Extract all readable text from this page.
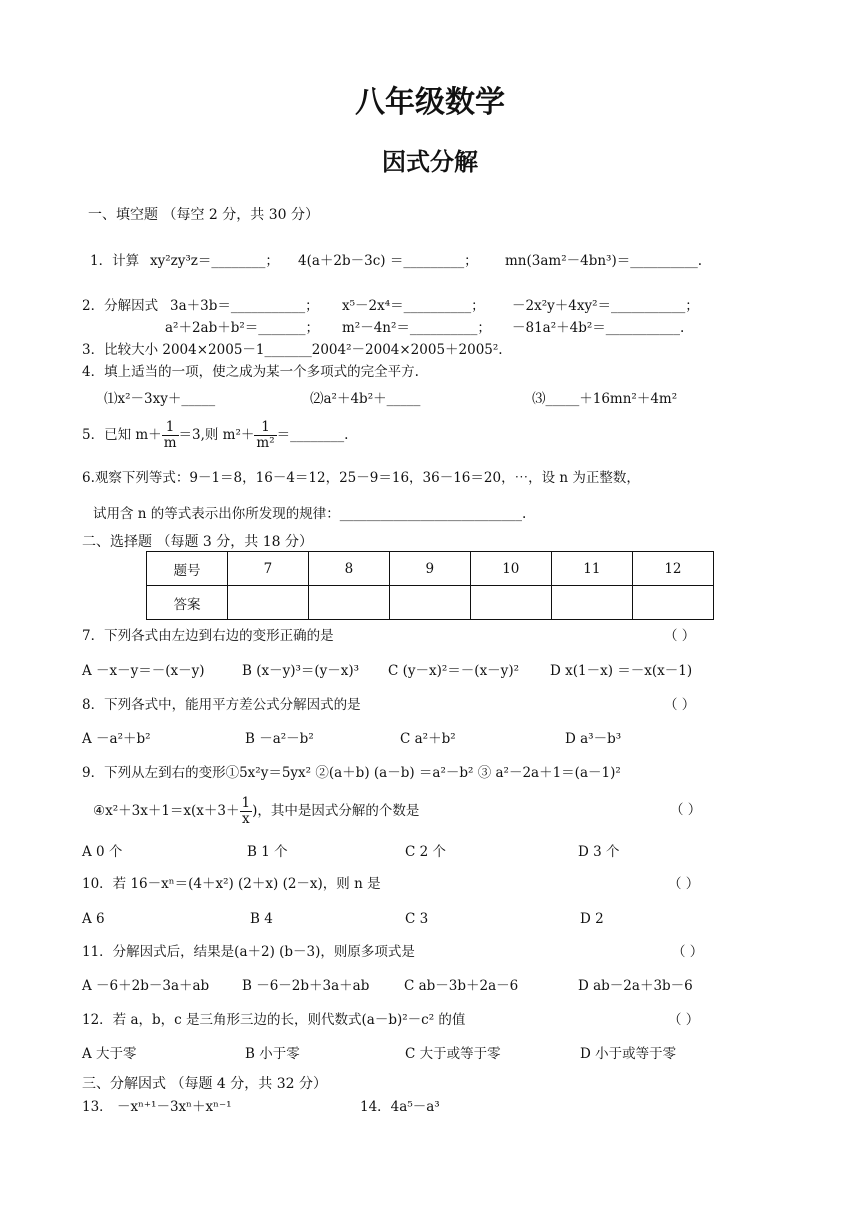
八年级数学
因式分解
一、填空题 （每空 2 分，共 30 分）
1．计算 xy²zy³z＝________； 4(a＋2b－3c) ＝_________； mn(3am²－4bn³)＝__________.
2．分解因式 3a＋3b＝___________； x⁵－2x⁴＝__________； －2x²y＋4xy²＝___________；
a²＋2ab＋b²＝_______； m²－4n²＝__________； －81a²＋4b²＝___________.
3．比较大小 2004×2005－1_______2004²－2004×2005＋2005².
4．填上适当的一项，使之成为某一个多项式的完全平方.
⑴x²－3xy＋_____	⑵a²＋4b²＋_____	⑶_____＋16mn²＋4m²
5．已知 $m+ \frac{1}{m} =3$,则 $m^2+ \frac{1}{\text{m²}}$ ＝________.
6.观察下列等式：9－1＝8，16－4＝12，25－9＝16，36－16＝20，⋯，设 n 为正整数，
试用含 n 的等式表示出你所发现的规律：___________________________.
二、选择题 （每题 3 分，共 18 分）
题号	7	8	9	10	11	12
答案						
7．下列各式由左边到右边的变形正确的是	（ ）
A －x－y＝－(x－y)	B (x－y)³＝(y－x)³ C (y－x)²＝－(x－y)² D x(1－x) ＝－x(x－1)
8．下列各式中，能用平方差公式分解因式的是	（ ）
A －a²＋b²	B －a²－b²	C a²＋b²	D a³－b³
9．下列从左到右的变形①5x²y＝5yx² ②(a＋b) (a－b) ＝a²－b² ③ a²－2a＋1＝(a－1)²
④x²＋3x＋1＝x(x＋3＋ $\frac{1}{x}$ )，其中是因式分解的个数是	（ ）
A 0 个	B 1 个	C 2 个	D 3 个
10．若 16－xⁿ＝(4＋x²) (2＋x) (2－x)，则 n 是	（ ）
A 6	B 4	C 3	D 2
11．分解因式后，结果是(a＋2) (b－3)，则原多项式是	（ ）
A －6＋2b－3a＋ab B －6－2b＋3a＋ab	C ab－3b＋2a－6	D ab－2a＋3b－6
12．若 a，b，c 是三角形三边的长，则代数式(a－b)²－c² 的值	（ ）
A 大于零	B 小于零	C 大于或等于零	D 小于或等于零
三、分解因式 （每题 4 分，共 32 分）
13． －xⁿ⁺¹－3xⁿ＋xⁿ⁻¹	14．4a⁵－a³
